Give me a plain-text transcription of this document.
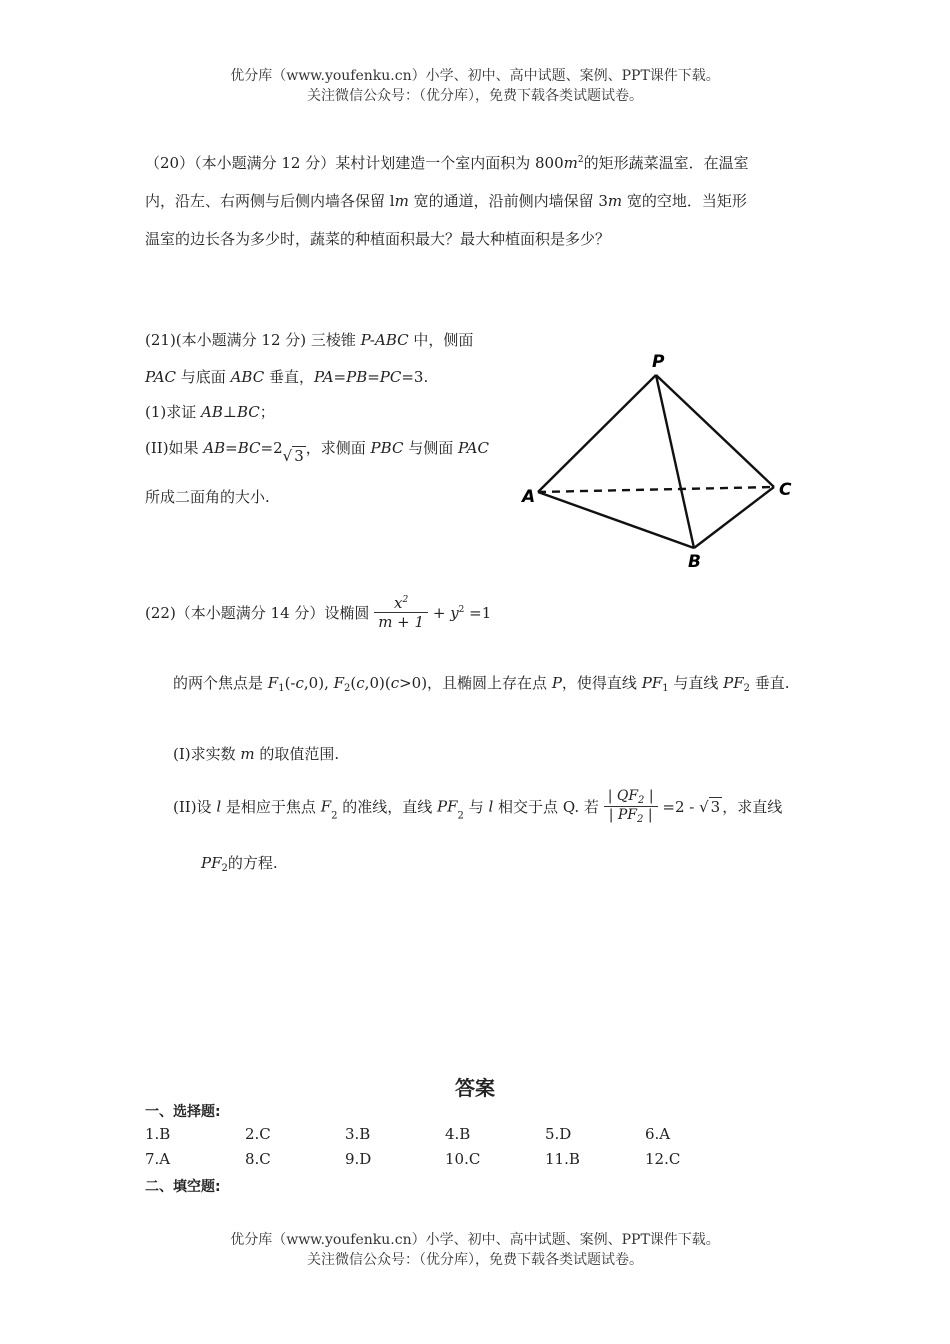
优分库（www.youfenku.cn）小学、初中、高中试题、案例、PPT课件下载。
关注微信公众号：（优分库），免费下载各类试题试卷。
（20）（本小题满分 12 分）某村计划建造一个室内面积为 $800m^2$的矩形蔬菜温室．在温室
内，沿左、右两侧与后侧内墙各保留 lm 宽的通道，沿前侧内墙保留 3m 宽的空地．当矩形
温室的边长各为多少时，蔬菜的种植面积最大？最大种植面积是多少？
(21)(本小题满分 12 分) 三棱锥 P-ABC 中，侧面
PAC 与底面 ABC 垂直，PA=PB=PC=3.
(1)求证 AB⊥BC；
(II)如果 AB=BC=2√ 3 ，求侧面 PBC 与侧面 PAC
所成二面角的大小.
P
A
B
C
(22)（本小题满分 14 分）设椭圆 $\frac{x^2}{m + 1} + y^2 =1$
的两个焦点是 $F_1(-c,0)$, $F_2(c,0)(c>0)$，且椭圆上存在点 P，使得直线 $PF_1$ 与直线 $PF_2$ 垂直.
(I)求实数 m 的取值范围.
(II)设 l 是相应于焦点 $F_2$ 的准线，直线 $PF_2$ 与 l 相交于点 Q. 若 $\frac{| QF_2 |}{| PF_2 |} =2$ - √ 3 ，求直线
$PF_2$的方程.
答案
一、选择题:
1.B	2.C	3.B	4.B	5.D	6.A
7.A	8.C	9.D	10.C	11.B	12.C
二、填空题:
优分库（www.youfenku.cn）小学、初中、高中试题、案例、PPT课件下载。
关注微信公众号：（优分库），免费下载各类试题试卷。
